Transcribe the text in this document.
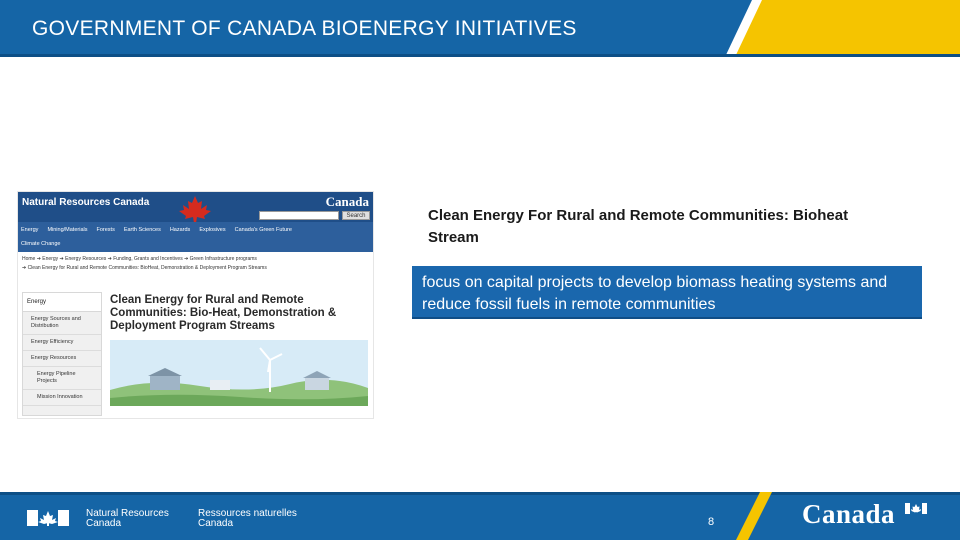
GOVERNMENT OF CANADA BIOENERGY INITIATIVES
Natural Resources Canada	Canada
Search
Energy Mining/Materials Forests Earth Sciences Hazards Explosives Canada's Green Future
Climate Change
Home ➔ Energy ➔ Energy Resources ➔ Funding, Grants and Incentives ➔ Green Infrastructure programs
➔ Clean Energy for Rural and Remote Communities: BioHeat, Demonstration & Deployment Program Streams
Energy
Energy Sources and Distribution
Energy Efficiency
Energy Resources
Energy Pipeline Projects
Mission Innovation
Clean Energy for Rural and Remote Communities: Bio-Heat, Demonstration & Deployment Program Streams
Clean Energy For Rural and Remote Communities: Bioheat Stream
focus on capital projects to develop biomass heating systems and reduce fossil fuels in remote communities
Natural Resources
Canada
Ressources naturelles
Canada	8	Canada
